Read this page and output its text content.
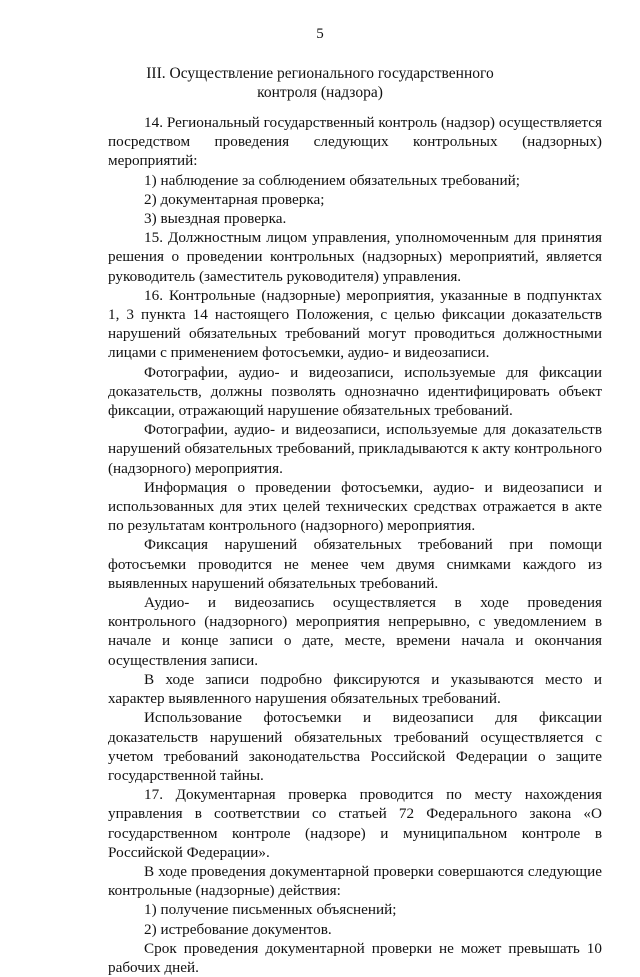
5
III. Осуществление регионального государственного
контроля (надзора)

14. Региональный государственный контроль (надзор) осуществляется посредством проведения следующих контрольных (надзорных) мероприятий:

1) наблюдение за соблюдением обязательных требований;

2) документарная проверка;

3) выездная проверка.

15. Должностным лицом управления, уполномоченным для принятия решения о проведении контрольных (надзорных) мероприятий, является руководитель (заместитель руководителя) управления.

16. Контрольные (надзорные) мероприятия, указанные в подпунктах 1, 3 пункта 14 настоящего Положения, с целью фиксации доказательств нарушений обязательных требований могут проводиться должностными лицами с применением фотосъемки, аудио- и видеозаписи.

Фотографии, аудио- и видеозаписи, используемые для фиксации доказательств, должны позволять однозначно идентифицировать объект фиксации, отражающий нарушение обязательных требований.

Фотографии, аудио- и видеозаписи, используемые для доказательств нарушений обязательных требований, прикладываются к акту контрольного (надзорного) мероприятия.

Информация о проведении фотосъемки, аудио- и видеозаписи и использованных для этих целей технических средствах отражается в акте по результатам контрольного (надзорного) мероприятия.

Фиксация нарушений обязательных требований при помощи фотосъемки проводится не менее чем двумя снимками каждого из выявленных нарушений обязательных требований.

Аудио- и видеозапись осуществляется в ходе проведения контрольного (надзорного) мероприятия непрерывно, с уведомлением в начале и конце записи о дате, месте, времени начала и окончания осуществления записи.

В ходе записи подробно фиксируются и указываются место и характер выявленного нарушения обязательных требований.

Использование фотосъемки и видеозаписи для фиксации доказательств нарушений обязательных требований осуществляется с учетом требований законодательства Российской Федерации о защите государственной тайны.

17. Документарная проверка проводится по месту нахождения управления в соответствии со статьей 72 Федерального закона «О государственном контроле (надзоре) и муниципальном контроле в Российской Федерации».

В ходе проведения документарной проверки совершаются следующие контрольные (надзорные) действия:

1) получение письменных объяснений;

2) истребование документов.

Срок проведения документарной проверки не может превышать 10 рабочих дней.
